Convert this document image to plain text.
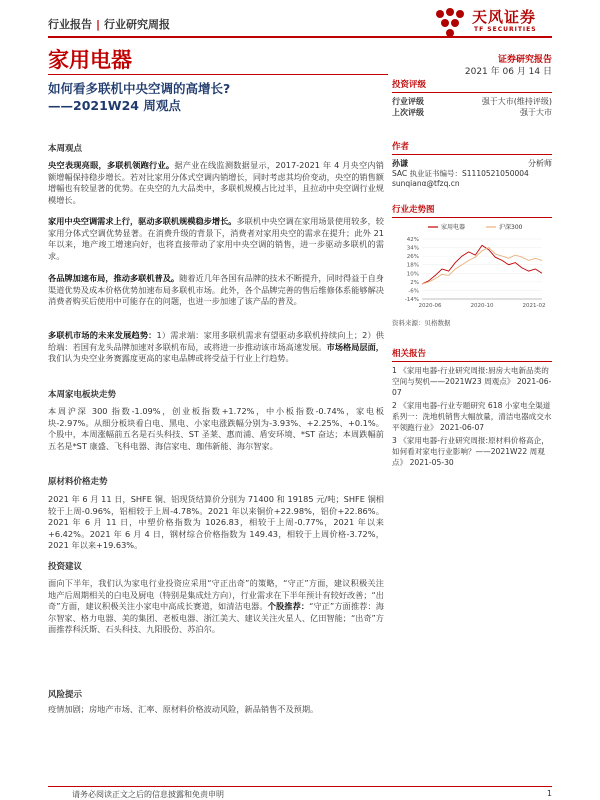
行业报告 | 行业研究周报	天风证券
TF SECURITIES
家用电器	证券研究报告
2021 年 06 月 14 日
如何看多联机中央空调的高增长?
——2021W24 周观点
本周观点
央空表现亮眼，多联机领跑行业。据产业在线监测数据显示，2017-2021 年 4 月央空内销额增幅保持稳步增长。若对比家用分体式空调内销增长，同时考虑其均价变动，央空的销售额增幅也有较显著的优势。在央空的九大品类中，多联机规模占比过半，且拉动中央空调行业规模增长。
家用中央空调需求上行，驱动多联机规模稳步增长。多联机中央空调在家用场景使用较多，较家用分体式空调优势显著。在消费升级的背景下，消费者对家用央空的需求在提升；此外 21 年以来，地产竣工增速向好，也将直接带动了家用中央空调的销售，进一步驱动多联机的需求。
各品牌加速布局，推动多联机普及。随着近几年各国有品牌的技术不断提升，同时得益于自身渠道优势及成本价格优势加速布局多联机市场。此外，各个品牌完善的售后维修体系能够解决消费者购买后使用中可能存在的问题，也进一步加速了该产品的普及。
多联机市场的未来发展趋势：1）需求端：家用多联机需求有望驱动多联机持续向上；2）供给端：若国有龙头品牌加速对多联机布局，或将进一步推动该市场高速发展。市场格局层面，我们认为央空业务赛露度更高的家电品牌或将受益于行业上行趋势。
本周家电板块走势
本周沪深 300 指数-1.09%，创业板指数+1.72%，中小板指数-0.74%，家电板块-2.97%。从细分板块看白电、黑电、小家电涨跌幅分别为-3.93%、+2.25%、+0.1%。个股中，本周涨幅前五名是石头科技、ST 圣莱、惠而浦、盾安环境、*ST 奋达；本周跌幅前五名是*ST 康盛、飞科电器、海信家电、珈伟新能、海尔智家。
原材料价格走势
2021 年 6 月 11 日，SHFE 铜、铝现货结算价分别为 71400 和 19185 元/吨；SHFE 铜相较于上周-0.96%，铝相较于上周-4.78%。2021 年以来铜价+22.98%，铝价+22.86%。2021 年 6 月 11 日，中塑价格指数为 1026.83，相较于上周-0.77%，2021 年以来+6.42%。2021 年 6 月 4 日，钢材综合价格指数为 149.43，相较于上周价格-3.72%，2021 年以来+19.63%。
投资建议
面向下半年，我们认为家电行业投资应采用“守正出奇”的策略，“守正”方面，建议积极关注地产后周期相关的白电及厨电（特别是集成灶方向），行业需求在下半年预计有较好改善；“出奇”方面，建议积极关注小家电中高成长赛道，如清洁电器。个股推荐：“守正”方面推荐：海尔智家、格力电器、美的集团、老板电器、浙江美大、建议关注火星人、亿田智能；“出奇”方面推荐科沃斯、石头科技、九阳股份、苏泊尔。
风险提示
疫情加剧；房地产市场、汇率、原材料价格波动风险，新品销售不及预期。
投资评级
行业评级	强于大市(维持评级)
上次评级	强于大市
作者
孙谦	分析师
SAC 执业证书编号：S1110521050004
sunqianα@tfzq.cn
行业走势图
42%
34%
26%
18%
10%
2%
-6%
-14%
2020-06	2020-10	2021-02
家用电器	沪深300
资料来源：贝格数据
相关报告
1 《家用电器-行业研究周报:厨房大电新品类的空间与契机——2021W23 周观点》 2021-06-07
2 《家用电器-行业专题研究 618 小家电全渠道系列一：洗地机销售大幅放量，清洁电器成交水平领跑行业》 2021-06-07
3 《家用电器-行业研究周报:原材料价格高企，如何看对家电行业影响？——2021W22 周观点》 2021-05-30
请务必阅读正文之后的信息披露和免责申明	1
